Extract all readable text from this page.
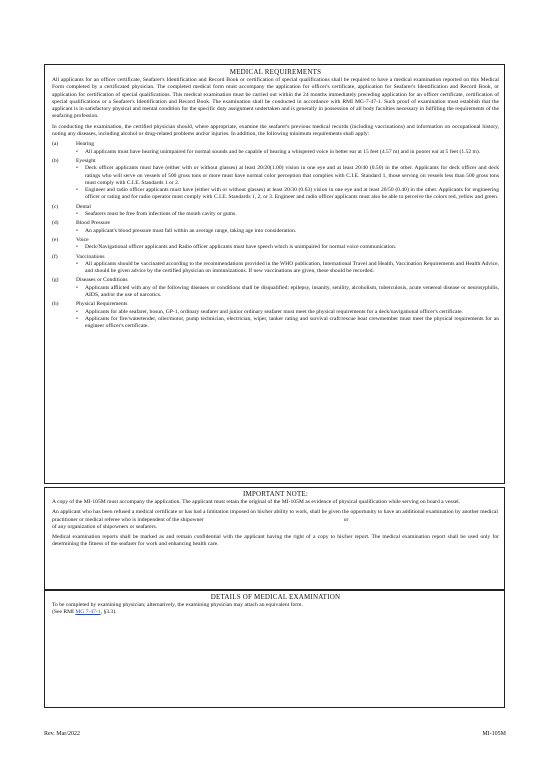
MEDICAL REQUIREMENTS

All applicants for an officer certificate, Seafarer's Identification and Record Book or certification of special qualifications shall be required to have a medical examination reported on this Medical Form completed by a certificated physician. The completed medical form must accompany the application for officer's certificate, application for Seafarer's Identification and Record Book, or application for certification of special qualifications. This medical examination must be carried out within the 24 months immediately preceding application for an officer certificate, certification of special qualifications or a Seafarer's Identification and Record Book. The examination shall be conducted in accordance with RMI MG-7-47-1. Such proof of examination must establish that the applicant is in satisfactory physical and mental condition for the specific duty assignment undertaken and is generally in possession of all body faculties necessary in fulfilling the requirements of the seafaring profession.

In conducting the examination, the certified physician should, where appropriate, examine the seafarer's previous medical records (including vaccinations) and information on occupational history, noting any diseases, including alcohol or drug-related problems and/or injuries. In addition, the following minimum requirements shall apply:

(a)	Hearing
• All applicants must have hearing unimpaired for normal sounds and be capable of hearing a whispered voice in better ear at 15 feet (4.57 m) and in poorer ear at 5 feet (1.52 m).
(b)	Eyesight
• Deck officer applicants must have (either with or without glasses) at least 20/20(1.00) vision in one eye and at least 20/40 (0.50) in the other. Applicants for deck officer and deck ratings who will serve on vessels of 500 gross tons or more must have normal color perception that complies with C.I.E. Standard 1, those serving on vessels less than 500 gross tons must comply with C.I.E. Standards 1 or 2.
• Engineer and radio officer applicants must have (either with or without glasses) at least 20/30 (0.63) vision in one eye and at least 20/50 (0.40) in the other. Applicants for engineering officer or rating and for radio operator must comply with C.I.E. Standards 1, 2, or 3. Engineer and radio officer applicants must also be able to perceive the colors red, yellow and green.
(c)	Dental
• Seafarers must be free from infections of the mouth cavity or gums.
(d)	Blood Pressure
• An applicant's blood pressure must fall within an average range, taking age into consideration.
(e)	Voice
• Deck/Navigational officer applicants and Radio officer applicants must have speech which is unimpaired for normal voice communication.
(f)	Vaccinations
• All applicants should be vaccinated according to the recommendations provided in the WHO publication, International Travel and Health, Vaccination Requirements and Health Advice, and should be given advice by the certified physician on immunizations. If new vaccinations are given, these should be recorded.
(g)	Diseases or Conditions
• Applicants afflicted with any of the following diseases or conditions shall be disqualified: epilepsy, insanity, senility, alcoholism, tuberculosis, acute venereal disease or neurosyphilis, AIDS, and/or the use of narcotics.
(h)	Physical Requirements
• Applicants for able seafarer, bosun, GP-1, ordinary seafarer and junior ordinary seafarer must meet the physical requirements for a deck/navigational officer's certificate.
• Applicants for fire/watertender, oiler/motor, pump technician, electrician, wiper, tanker rating and survival craft/rescue boat crewmember must meet the physical requirements for an engineer officer's certificate.
IMPORTANT NOTE:

A copy of the MI-105M must accompany the application. The applicant must retain the original of the MI-105M as evidence of physical qualification while serving on board a vessel.

An applicant who has been refused a medical certificate or has had a limitation imposed on his/her ability to work, shall be given the opportunity to have an additional examination by another medical practitioner or medical referee who is independent of the shipowner	or
of any organization of shipowners or seafarers.

Medical examination reports shall be marked as and remain confidential with the applicant having the right of a copy to his/her report. The medical examination report shall be used only for determining the fitness of the seafarer for work and enhancing health care.

DETAILS OF MEDICAL EXAMINATION

To be completed by examining physician; alternatively, the examining physician may attach an equivalent form.

(See RMI MG 7-47-1, §3.3).

Rev. Mar/2022	MI-105M
